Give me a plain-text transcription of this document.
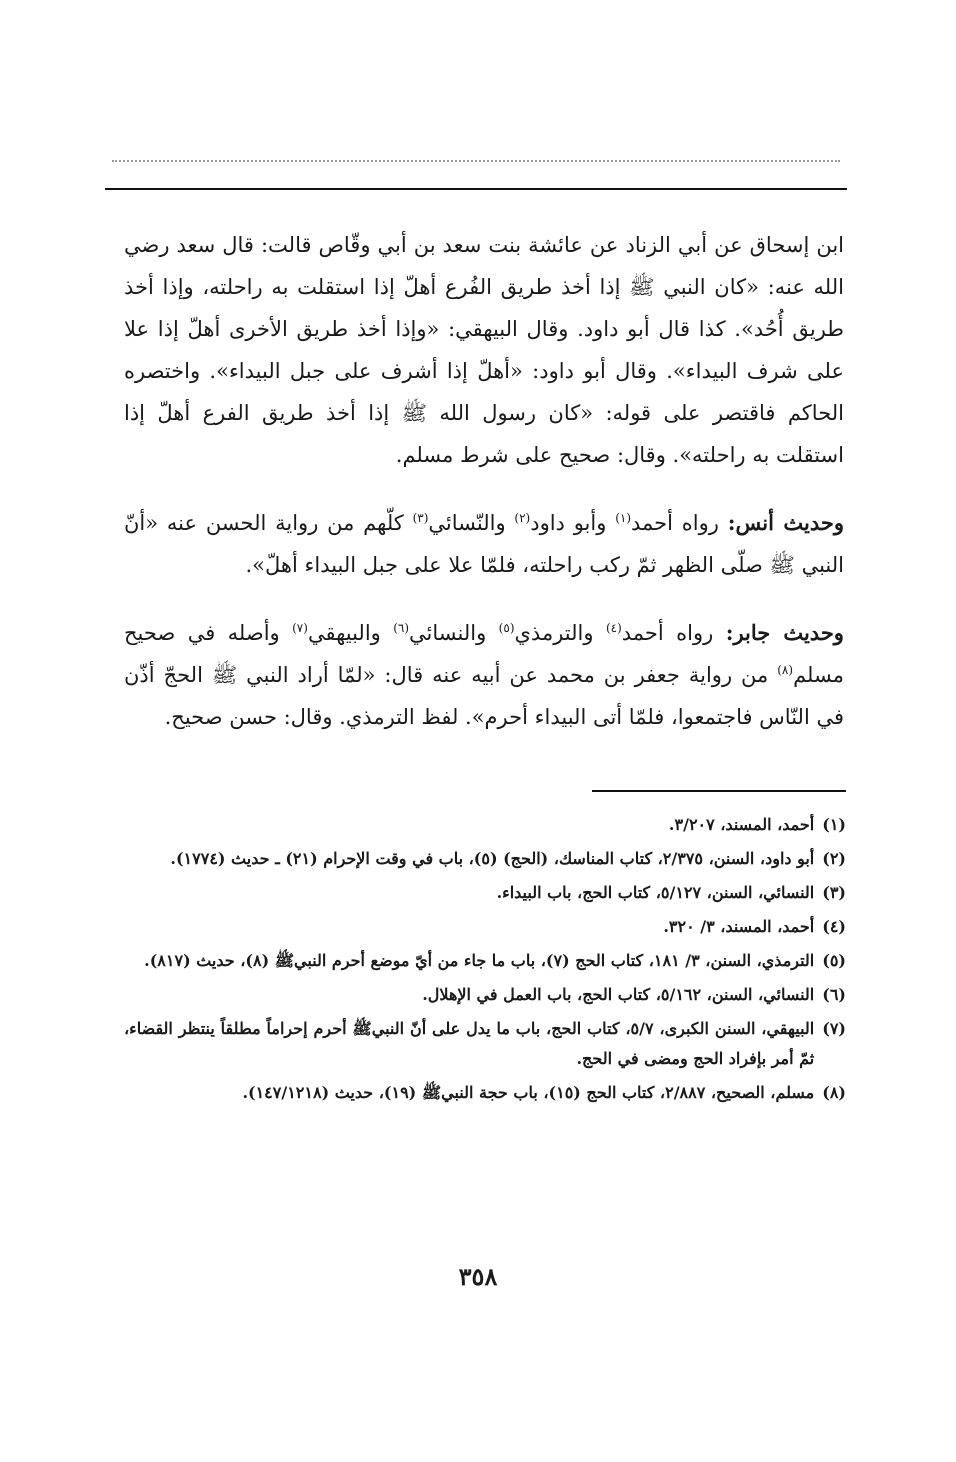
ابن إسحاق عن أبي الزناد عن عائشة بنت سعد بن أبي وقّاص قالت: قال سعد رضي الله عنه: «كان النبي ﷺ إذا أخذ طريق الفُرع أهلّ إذا استقلت به راحلته، وإذا أخذ طريق أُحُد». كذا قال أبو داود. وقال البيهقي: «وإذا أخذ طريق الأخرى أهلّ إذا علا على شرف البيداء». وقال أبو داود: «أهلّ إذا أشرف على جبل البيداء». واختصره الحاكم فاقتصر على قوله: «كان رسول الله ﷺ إذا أخذ طريق الفرع أهلّ إذا استقلت به راحلته». وقال: صحيح على شرط مسلم.

وحديث أنس: رواه أحمد$^{(١)}$ وأبو داود$^{(٢)}$ والنّسائي$^{(٣)}$ كلّهم من رواية الحسن عنه «أنّ النبي ﷺ صلّى الظهر ثمّ ركب راحلته، فلمّا علا على جبل البيداء أهلّ».

وحديث جابر: رواه أحمد$^{(٤)}$ والترمذي$^{(٥)}$ والنسائي$^{(٦)}$ والبيهقي$^{(٧)}$ وأصله في صحيح مسلم$^{(٨)}$ من رواية جعفر بن محمد عن أبيه عنه قال: «لمّا أراد النبي ﷺ الحجّ أذّن في النّاس فاجتمعوا، فلمّا أتى البيداء أحرم». لفظ الترمذي. وقال: حسن صحيح.

(١)
أحمد، المسند، ٣/٢٠٧.
(٢)
أبو داود، السنن، ٢/٣٧٥، كتاب المناسك، (الحج) (٥)، باب في وقت الإحرام (٢١) ـ حديث (١٧٧٤).
(٣)
النسائي، السنن، ٥/١٢٧، كتاب الحج، باب البيداء.
(٤)
أحمد، المسند، ٣/ ٣٢٠.
(٥)
الترمذي، السنن، ٣/ ١٨١، كتاب الحج (٧)، باب ما جاء من أيّ موضع أحرم النبيﷺ (٨)، حديث (٨١٧).
(٦)
النسائي، السنن، ٥/١٦٢، كتاب الحج، باب العمل في الإهلال.
(٧)
البيهقي، السنن الكبرى، ٥/٧، كتاب الحج، باب ما يدل على أنّ النبيﷺ أحرم إحراماً مطلقاً ينتظر القضاء، ثمّ أمر بإفراد الحج ومضى في الحج.
(٨)
مسلم، الصحيح، ٢/٨٨٧، كتاب الحج (١٥)، باب حجة النبيﷺ (١٩)، حديث (١٤٧/١٢١٨).
٣٥٨
